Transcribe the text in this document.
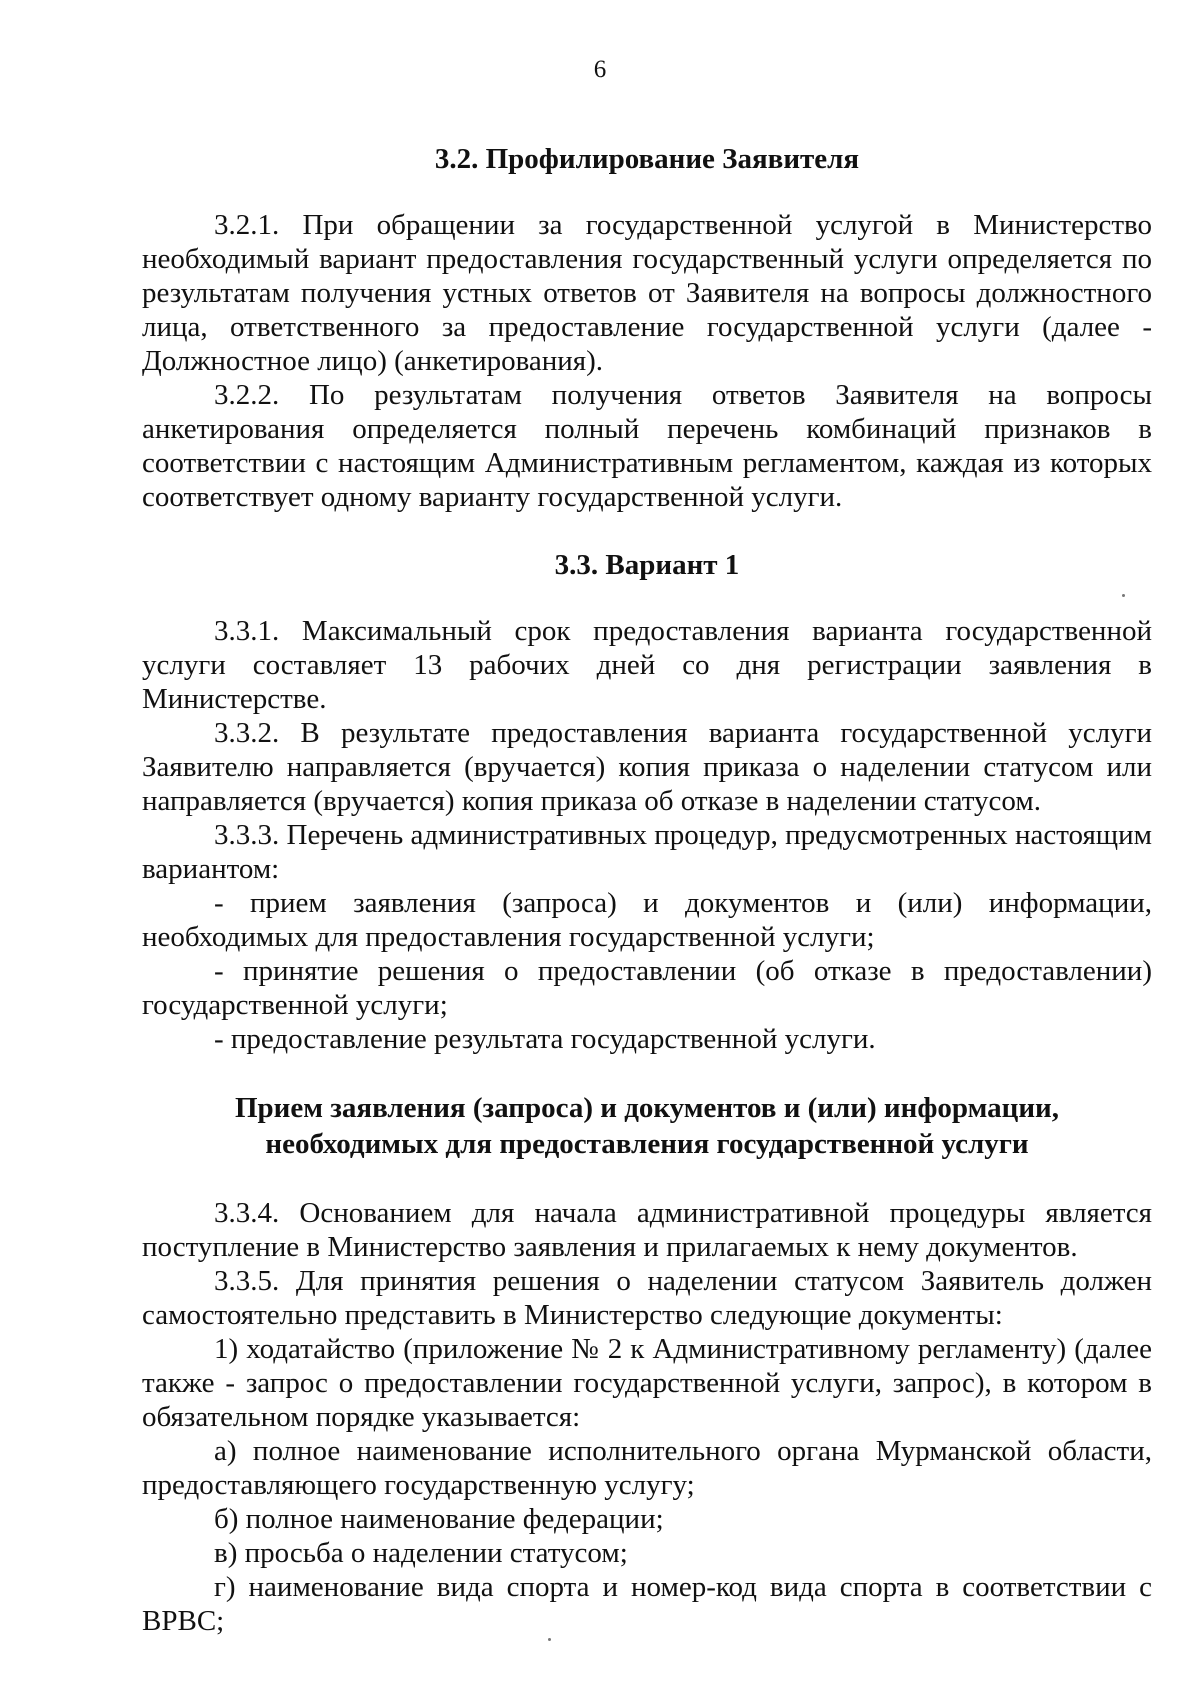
6

3.2. Профилирование Заявителя

3.2.1. При обращении за государственной услугой в Министерство необходимый вариант предоставления государственный услуги определяется по результатам получения устных ответов от Заявителя на вопросы должностного лица, ответственного за предоставление государственной услуги (далее - Должностное лицо) (анкетирования).

3.2.2. По результатам получения ответов Заявителя на вопросы анкетирования определяется полный перечень комбинаций признаков в соответствии с настоящим Административным регламентом, каждая из которых соответствует одному варианту государственной услуги.

3.3. Вариант 1

3.3.1. Максимальный срок предоставления варианта государственной услуги составляет 13 рабочих дней со дня регистрации заявления в Министерстве.

3.3.2. В результате предоставления варианта государственной услуги Заявителю направляется (вручается) копия приказа о наделении статусом или направляется (вручается) копия приказа об отказе в наделении статусом.

3.3.3. Перечень административных процедур, предусмотренных настоящим вариантом:

- прием заявления (запроса) и документов и (или) информации, необходимых для предоставления государственной услуги;

- принятие решения о предоставлении (об отказе в предоставлении) государственной услуги;

- предоставление результата государственной услуги.

Прием заявления (запроса) и документов и (или) информации,
необходимых для предоставления государственной услуги

3.3.4. Основанием для начала административной процедуры является поступление в Министерство заявления и прилагаемых к нему документов.

3.3.5. Для принятия решения о наделении статусом Заявитель должен самостоятельно представить в Министерство следующие документы:

1) ходатайство (приложение № 2 к Административному регламенту) (далее также - запрос о предоставлении государственной услуги, запрос), в котором в обязательном порядке указывается:

а) полное наименование исполнительного органа Мурманской области, предоставляющего государственную услугу;

б) полное наименование федерации;

в) просьба о наделении статусом;

г) наименование вида спорта и номер-код вида спорта в соответствии с ВРВС;
